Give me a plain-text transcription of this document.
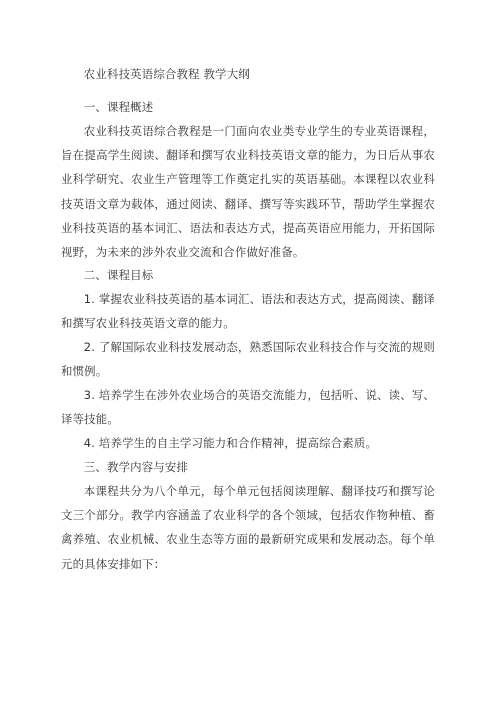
农业科技英语综合教程 教学大纲

一、课程概述

农业科技英语综合教程是一门面向农业类专业学生的专业英语课程，旨在提高学生阅读、翻译和撰写农业科技英语文章的能力，为日后从事农业科学研究、农业生产管理等工作奠定扎实的英语基础。本课程以农业科技英语文章为载体，通过阅读、翻译、撰写等实践环节，帮助学生掌握农业科技英语的基本词汇、语法和表达方式，提高英语应用能力，开拓国际视野，为未来的涉外农业交流和合作做好准备。

二、课程目标

1. 掌握农业科技英语的基本词汇、语法和表达方式，提高阅读、翻译和撰写农业科技英语文章的能力。

2. 了解国际农业科技发展动态，熟悉国际农业科技合作与交流的规则和惯例。

3. 培养学生在涉外农业场合的英语交流能力，包括听、说、读、写、译等技能。

4. 培养学生的自主学习能力和合作精神，提高综合素质。

三、教学内容与安排

本课程共分为八个单元，每个单元包括阅读理解、翻译技巧和撰写论文三个部分。教学内容涵盖了农业科学的各个领域，包括农作物种植、畜禽养殖、农业机械、农业生态等方面的最新研究成果和发展动态。每个单元的具体安排如下：
